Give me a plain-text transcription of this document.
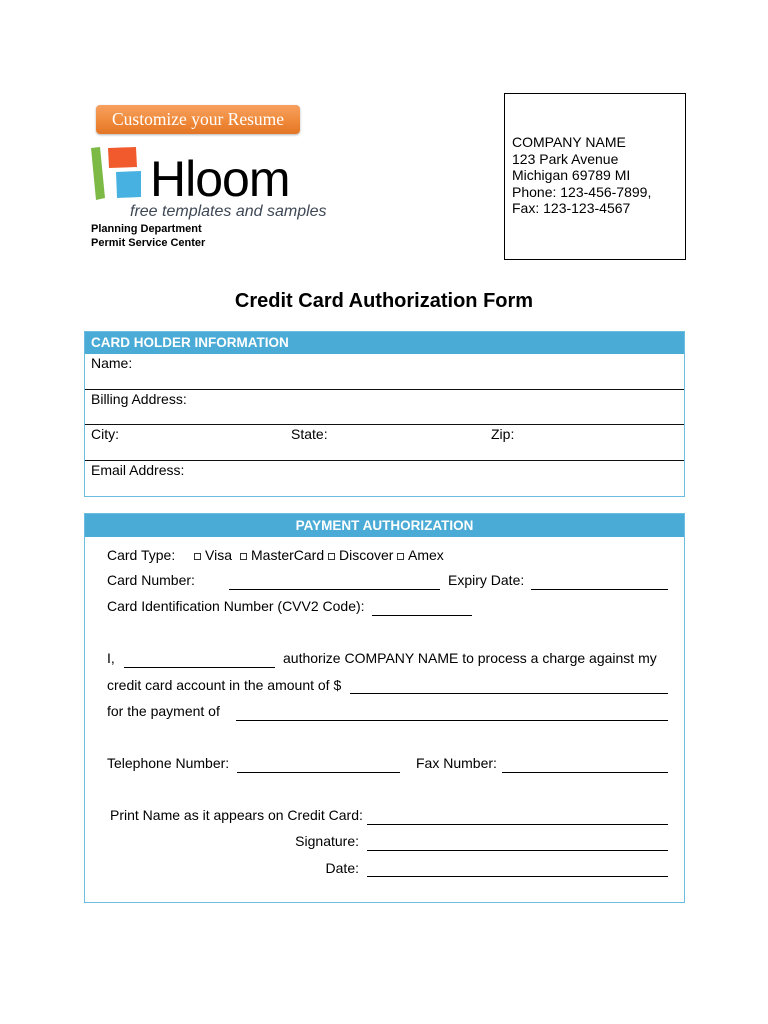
Customize your Resume
Hloom
free templates and samples
Planning Department
Permit Service Center
COMPANY NAME
123 Park Avenue
Michigan 69789 MI
Phone: 123-456-7899,
Fax: 123-123-4567
Credit Card Authorization Form
CARD HOLDER INFORMATION
Name:
Billing Address:
City:	State:	Zip:
Email Address:
PAYMENT AUTHORIZATION
Card Type:	Visa	MasterCard	Discover	Amex
Card Number:	Expiry Date:
Card Identification Number (CVV2 Code):
I,	authorize COMPANY NAME to process a charge against my
credit card account in the amount of $
for the payment of
Telephone Number:	Fax Number:
Print Name as it appears on Credit Card:
Signature:
Date:
